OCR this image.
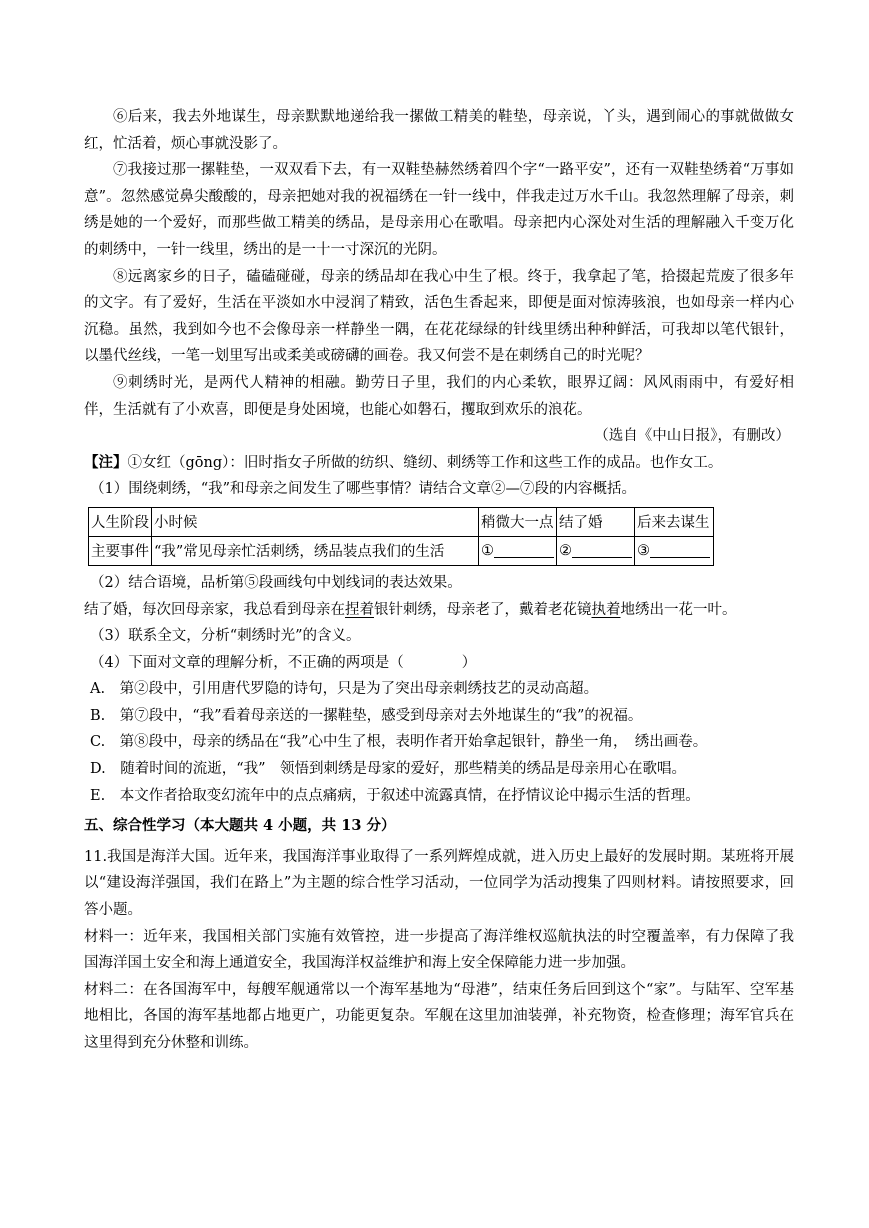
⑥后来，我去外地谋生，母亲默默地递给我一摞做工精美的鞋垫，母亲说，丫头，遇到闹心的事就做做女红，忙活着，烦心事就没影了。

⑦我接过那一摞鞋垫，一双双看下去，有一双鞋垫赫然绣着四个字“一路平安”，还有一双鞋垫绣着“万事如意”。忽然感觉鼻尖酸酸的，母亲把她对我的祝福绣在一针一线中，伴我走过万水千山。我忽然理解了母亲，刺绣是她的一个爱好，而那些做工精美的绣品，是母亲用心在歌唱。母亲把内心深处对生活的理解融入千变万化的刺绣中，一针一线里，绣出的是一十一寸深沉的光阴。

⑧远离家乡的日子，磕磕碰碰，母亲的绣品却在我心中生了根。终于，我拿起了笔，拾掇起荒废了很多年的文字。有了爱好，生活在平淡如水中浸润了精致，活色生香起来，即便是面对惊涛骇浪，也如母亲一样内心沉稳。虽然，我到如今也不会像母亲一样静坐一隅，在花花绿绿的针线里绣出种种鲜活，可我却以笔代银针，以墨代丝线，一笔一划里写出或柔美或磅礴的画卷。我又何尝不是在刺绣自己的时光呢？

⑨刺绣时光，是两代人精神的相融。勤劳日子里，我们的内心柔软，眼界辽阔：风风雨雨中，有爱好相伴，生活就有了小欢喜，即便是身处困境，也能心如磐石，攫取到欢乐的浪花。

（选自《中山日报》，有删改）

【注】①女红（gōng）：旧时指女子所做的纺织、缝纫、刺绣等工作和这些工作的成品。也作女工。

（1）围绕刺绣，“我”和母亲之间发生了哪些事情？请结合文章②—⑦段的内容概括。

人生阶段	小时候	稍微大一点	结了婚	后来去谋生
主要事件	“我”常见母亲忙活刺绣，绣品装点我们的生活	①	②	③

（2）结合语境，品析第⑤段画线句中划线词的表达效果。

结了婚，每次回母亲家，我总看到母亲在捏着银针刺绣，母亲老了，戴着老花镜执着地绣出一花一叶。

（3）联系全文，分析“刺绣时光”的含义。

（4）下面对文章的理解分析，不正确的两项是（　　　　）

A.　第②段中，引用唐代罗隐的诗句，只是为了突出母亲刺绣技艺的灵动高超。

B.　第⑦段中，“我”看着母亲送的一摞鞋垫，感受到母亲对去外地谋生的“我”的祝福。

C.　第⑧段中，母亲的绣品在“我”心中生了根，表明作者开始拿起银针，静坐一角，　绣出画卷。

D.　随着时间的流逝，“我”　领悟到刺绣是母家的爱好，那些精美的绣品是母亲用心在歌唱。

E.　本文作者拾取变幻流年中的点点痛病，于叙述中流露真情，在抒情议论中揭示生活的哲理。

五、综合性学习（本大题共 4 小题，共 13 分）

11.我国是海洋大国。近年来，我国海洋事业取得了一系列辉煌成就，进入历史上最好的发展时期。某班将开展以“建设海洋强国，我们在路上”为主题的综合性学习活动，一位同学为活动搜集了四则材料。请按照要求，回答小题。

材料一：近年来，我国相关部门实施有效管控，进一步提高了海洋维权巡航执法的时空覆盖率，有力保障了我国海洋国土安全和海上通道安全，我国海洋权益维护和海上安全保障能力进一步加强。

材料二：在各国海军中，每艘军舰通常以一个海军基地为“母港”，结束任务后回到这个“家”。与陆军、空军基地相比，各国的海军基地都占地更广，功能更复杂。军舰在这里加油装弹，补充物资，检查修理；海军官兵在这里得到充分休整和训练。
